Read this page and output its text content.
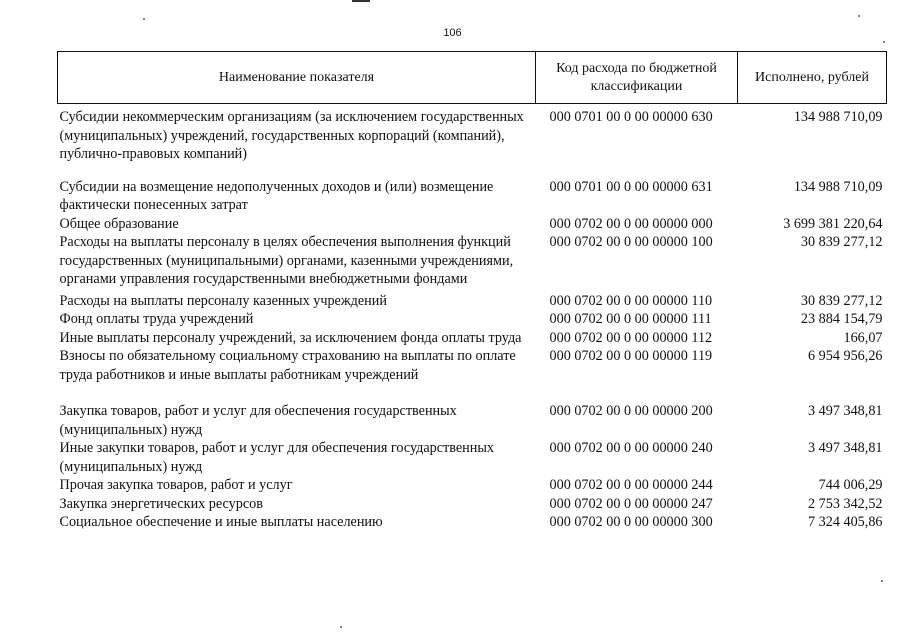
106
Наименование показателя	Код расхода по бюджетной классификации	Исполнено, рублей
Субсидии некоммерческим организациям (за исключением государственных (муниципальных) учреждений, государственных корпораций (компаний), публично-правовых компаний)	000 0701 00 0 00 00000 630	134 988 710,09
Субсидии на возмещение недополученных доходов и (или) возмещение фактически понесенных затрат	000 0701 00 0 00 00000 631	134 988 710,09
Общее образование	000 0702 00 0 00 00000 000	3 699 381 220,64
Расходы на выплаты персоналу в целях обеспечения выполнения функций государственных (муниципальными) органами, казенными учреждениями, органами управления государственными внебюджетными фондами	000 0702 00 0 00 00000 100	30 839 277,12
Расходы на выплаты персоналу казенных учреждений	000 0702 00 0 00 00000 110	30 839 277,12
Фонд оплаты труда учреждений	000 0702 00 0 00 00000 111	23 884 154,79
Иные выплаты персоналу учреждений, за исключением фонда оплаты труда	000 0702 00 0 00 00000 112	166,07
Взносы по обязательному социальному страхованию на выплаты по оплате труда работников и иные выплаты работникам учреждений	000 0702 00 0 00 00000 119	6 954 956,26
Закупка товаров, работ и услуг для обеспечения государственных (муниципальных) нужд	000 0702 00 0 00 00000 200	3 497 348,81
Иные закупки товаров, работ и услуг для обеспечения государственных (муниципальных) нужд	000 0702 00 0 00 00000 240	3 497 348,81
Прочая закупка товаров, работ и услуг	000 0702 00 0 00 00000 244	744 006,29
Закупка энергетических ресурсов	000 0702 00 0 00 00000 247	2 753 342,52
Социальное обеспечение и иные выплаты населению	000 0702 00 0 00 00000 300	7 324 405,86
